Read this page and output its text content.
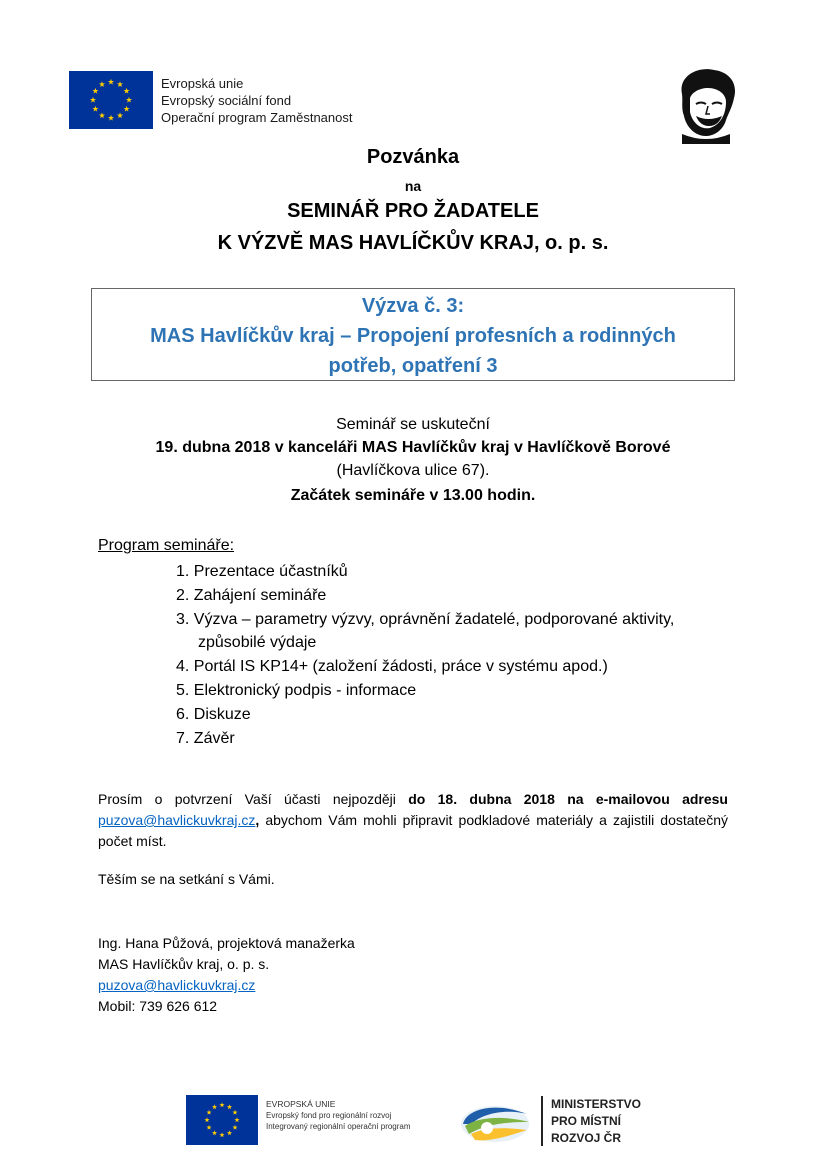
Evropská unie
Evropský sociální fond
Operační program Zaměstnanost
Pozvánka
na
SEMINÁŘ PRO ŽADATELE
K VÝZVĚ MAS HAVLÍČKŮV KRAJ, o. p. s.
Výzva č. 3:
MAS Havlíčkův kraj – Propojení profesních a rodinných
potřeb, opatření 3
Seminář se uskuteční
19. dubna 2018 v kanceláři MAS Havlíčkův kraj v Havlíčkově Borové
(Havlíčkova ulice 67).
Začátek semináře v 13.00 hodin.
Program semináře:
1. Prezentace účastníků
2. Zahájení semináře
3. Výzva – parametry výzvy, oprávnění žadatelé, podporované aktivity,
způsobilé výdaje
4. Portál IS KP14+ (založení žádosti, práce v systému apod.)
5. Elektronický podpis - informace
6. Diskuze
7. Závěr
Prosím o potvrzení Vaší účasti nejpozději do 18. dubna 2018 na e-mailovou adresu puzova@havlickuvkraj.cz, abychom Vám mohli připravit podkladové materiály a zajistili dostatečný počet míst.
Těším se na setkání s Vámi.
Ing. Hana Půžová, projektová manažerka
MAS Havlíčkův kraj, o. p. s.
puzova@havlickuvkraj.cz
Mobil: 739 626 612
EVROPSKÁ UNIE
Evropský fond pro regionální rozvoj
Integrovaný regionální operační program
MINISTERSTVO
PRO MÍSTNÍ
ROZVOJ ČR
